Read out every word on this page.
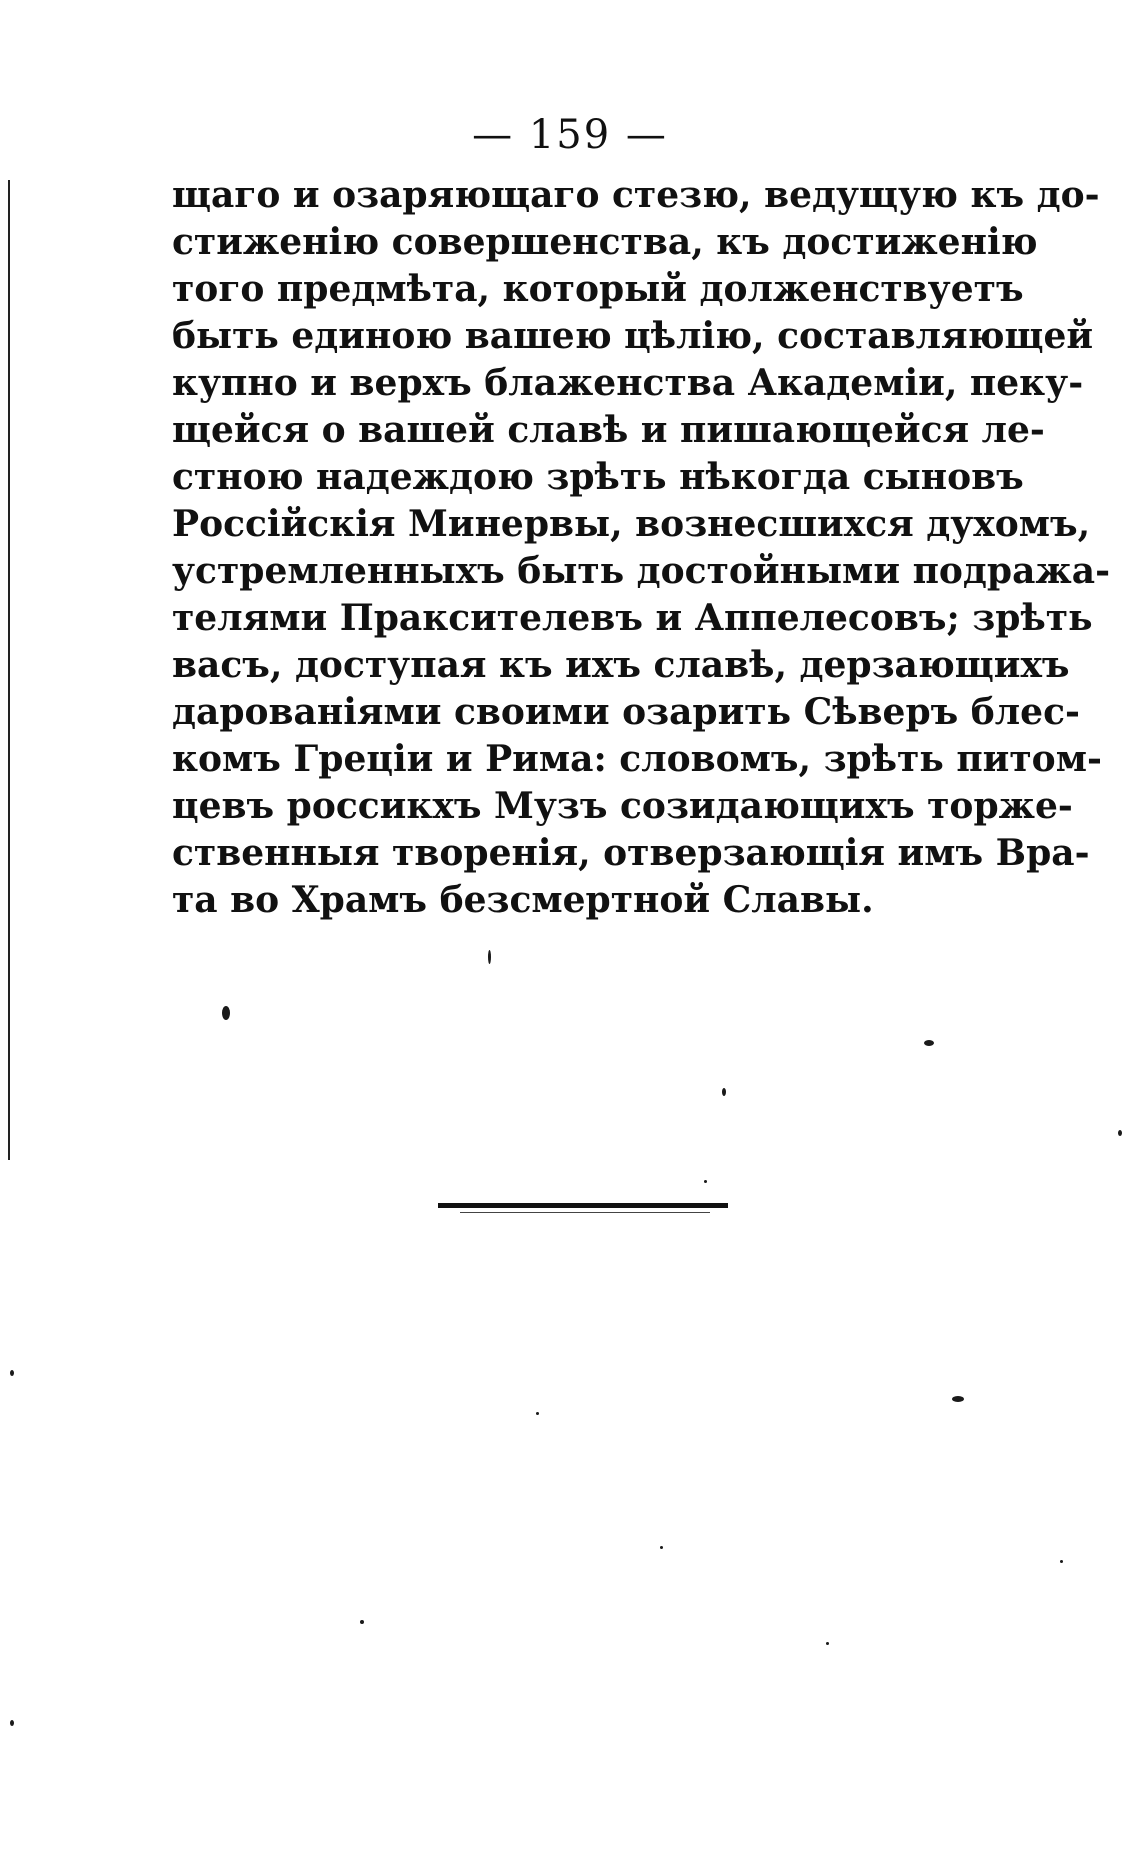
— 159 —
щаго и озаряющаго стезю, ведущую къ до-
стиженію совершенства, къ достиженію
того предмѣта, который долженствуетъ
быть единою вашею цѣлію, составляющей
купно и верхъ блаженства Академіи, пеку-
щейся о вашей славѣ и пишающейся ле-
стною надеждою зрѣть нѣкогда сыновъ
Россійскія Минервы, вознесшихся духомъ,
устремленныхъ быть достойными подража-
телями Праксителевъ и Аппелесовъ; зрѣть
васъ, доступая къ ихъ славѣ, дерзающихъ
дарованіями своими озарить Сѣверъ блес-
комъ Греціи и Рима: словомъ, зрѣть питом-
цевъ россикхъ Музъ созидающихъ торже-
ственныя творенія, отверзающія имъ Вра-
та во Храмъ безсмертной Славы.
